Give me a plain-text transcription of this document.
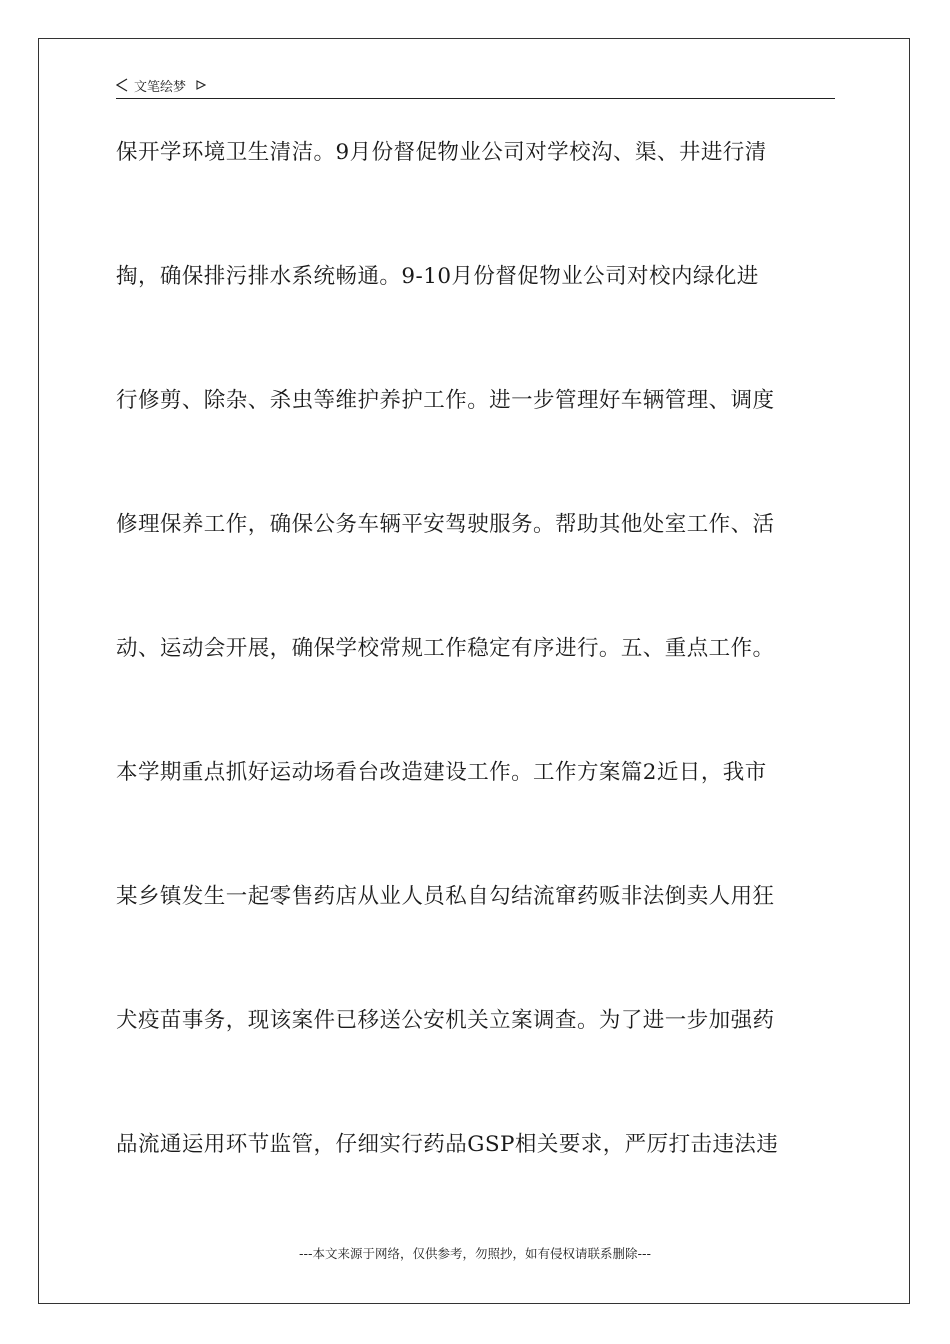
文笔绘梦
保开学环境卫生清洁。9月份督促物业公司对学校沟、渠、井进行清
掏，确保排污排水系统畅通。9-10月份督促物业公司对校内绿化进
行修剪、除杂、杀虫等维护养护工作。进一步管理好车辆管理、调度
修理保养工作，确保公务车辆平安驾驶服务。帮助其他处室工作、活
动、运动会开展，确保学校常规工作稳定有序进行。五、重点工作。
本学期重点抓好运动场看台改造建设工作。工作方案篇2近日，我市
某乡镇发生一起零售药店从业人员私自勾结流窜药贩非法倒卖人用狂
犬疫苗事务，现该案件已移送公安机关立案调查。为了进一步加强药
品流通运用环节监管，仔细实行药品GSP相关要求，严厉打击违法违
---本文来源于网络，仅供参考，勿照抄，如有侵权请联系删除---
